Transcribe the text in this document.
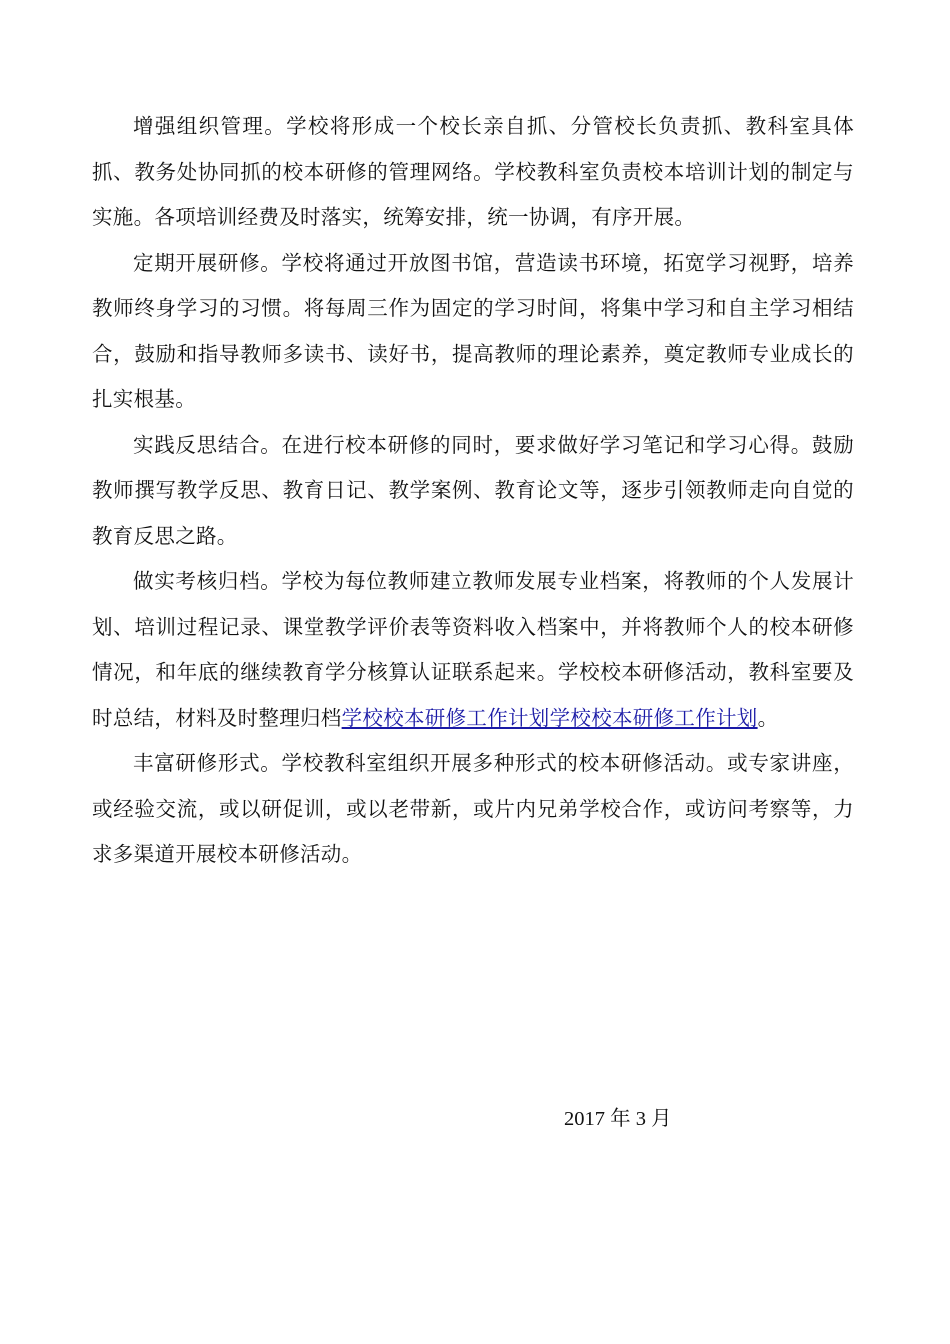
增强组织管理。学校将形成一个校长亲自抓、分管校长负责抓、教科室具体抓、教务处协同抓的校本研修的管理网络。学校教科室负责校本培训计划的制定与实施。各项培训经费及时落实，统筹安排，统一协调，有序开展。

定期开展研修。学校将通过开放图书馆，营造读书环境，拓宽学习视野，培养教师终身学习的习惯。将每周三作为固定的学习时间，将集中学习和自主学习相结合，鼓励和指导教师多读书、读好书，提高教师的理论素养，奠定教师专业成长的扎实根基。

实践反思结合。在进行校本研修的同时，要求做好学习笔记和学习心得。鼓励教师撰写教学反思、教育日记、教学案例、教育论文等，逐步引领教师走向自觉的教育反思之路。

做实考核归档。学校为每位教师建立教师发展专业档案，将教师的个人发展计划、培训过程记录、课堂教学评价表等资料收入档案中，并将教师个人的校本研修情况，和年底的继续教育学分核算认证联系起来。学校校本研修活动，教科室要及时总结，材料及时整理归档学校校本研修工作计划学校校本研修工作计划。

丰富研修形式。学校教科室组织开展多种形式的校本研修活动。或专家讲座，或经验交流，或以研促训，或以老带新，或片内兄弟学校合作，或访问考察等，力求多渠道开展校本研修活动。

2017 年 3 月
